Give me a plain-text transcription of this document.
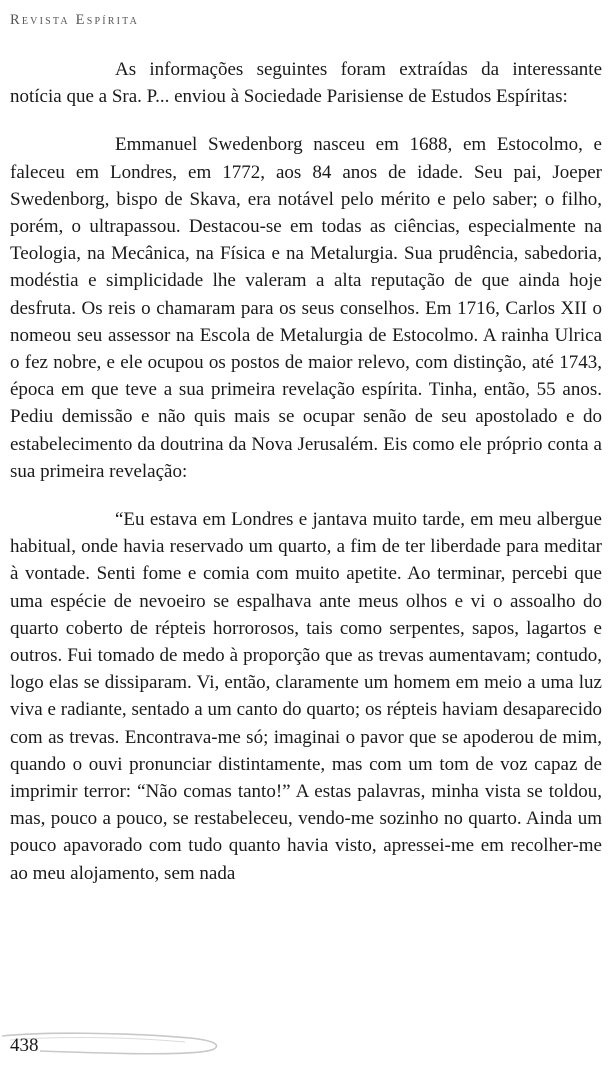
Revista Espírita

As informações seguintes foram extraídas da interessante notícia que a Sra. P... enviou à Sociedade Parisiense de Estudos Espíritas:

Emmanuel Swedenborg nasceu em 1688, em Estocolmo, e faleceu em Londres, em 1772, aos 84 anos de idade. Seu pai, Joeper Swedenborg, bispo de Skava, era notável pelo mérito e pelo saber; o filho, porém, o ultrapassou. Destacou-se em todas as ciências, especialmente na Teologia, na Mecânica, na Física e na Metalurgia. Sua prudência, sabedoria, modéstia e simplicidade lhe valeram a alta reputação de que ainda hoje desfruta. Os reis o chamaram para os seus conselhos. Em 1716, Carlos XII o nomeou seu assessor na Escola de Metalurgia de Estocolmo. A rainha Ulrica o fez nobre, e ele ocupou os postos de maior relevo, com distinção, até 1743, época em que teve a sua primeira revelação espírita. Tinha, então, 55 anos. Pediu demissão e não quis mais se ocupar senão de seu apostolado e do estabelecimento da doutrina da Nova Jerusalém. Eis como ele próprio conta a sua primeira revelação:

“Eu estava em Londres e jantava muito tarde, em meu albergue habitual, onde havia reservado um quarto, a fim de ter liberdade para meditar à vontade. Senti fome e comia com muito apetite. Ao terminar, percebi que uma espécie de nevoeiro se espalhava ante meus olhos e vi o assoalho do quarto coberto de répteis horrorosos, tais como serpentes, sapos, lagartos e outros. Fui tomado de medo à proporção que as trevas aumentavam; contudo, logo elas se dissiparam. Vi, então, claramente um homem em meio a uma luz viva e radiante, sentado a um canto do quarto; os répteis haviam desaparecido com as trevas. Encontrava-me só; imaginai o pavor que se apoderou de mim, quando o ouvi pronunciar distintamente, mas com um tom de voz capaz de imprimir terror: “Não comas tanto!” A estas palavras, minha vista se toldou, mas, pouco a pouco, se restabeleceu, vendo-me sozinho no quarto. Ainda um pouco apavorado com tudo quanto havia visto, apressei-me em recolher-me ao meu alojamento, sem nada

438
